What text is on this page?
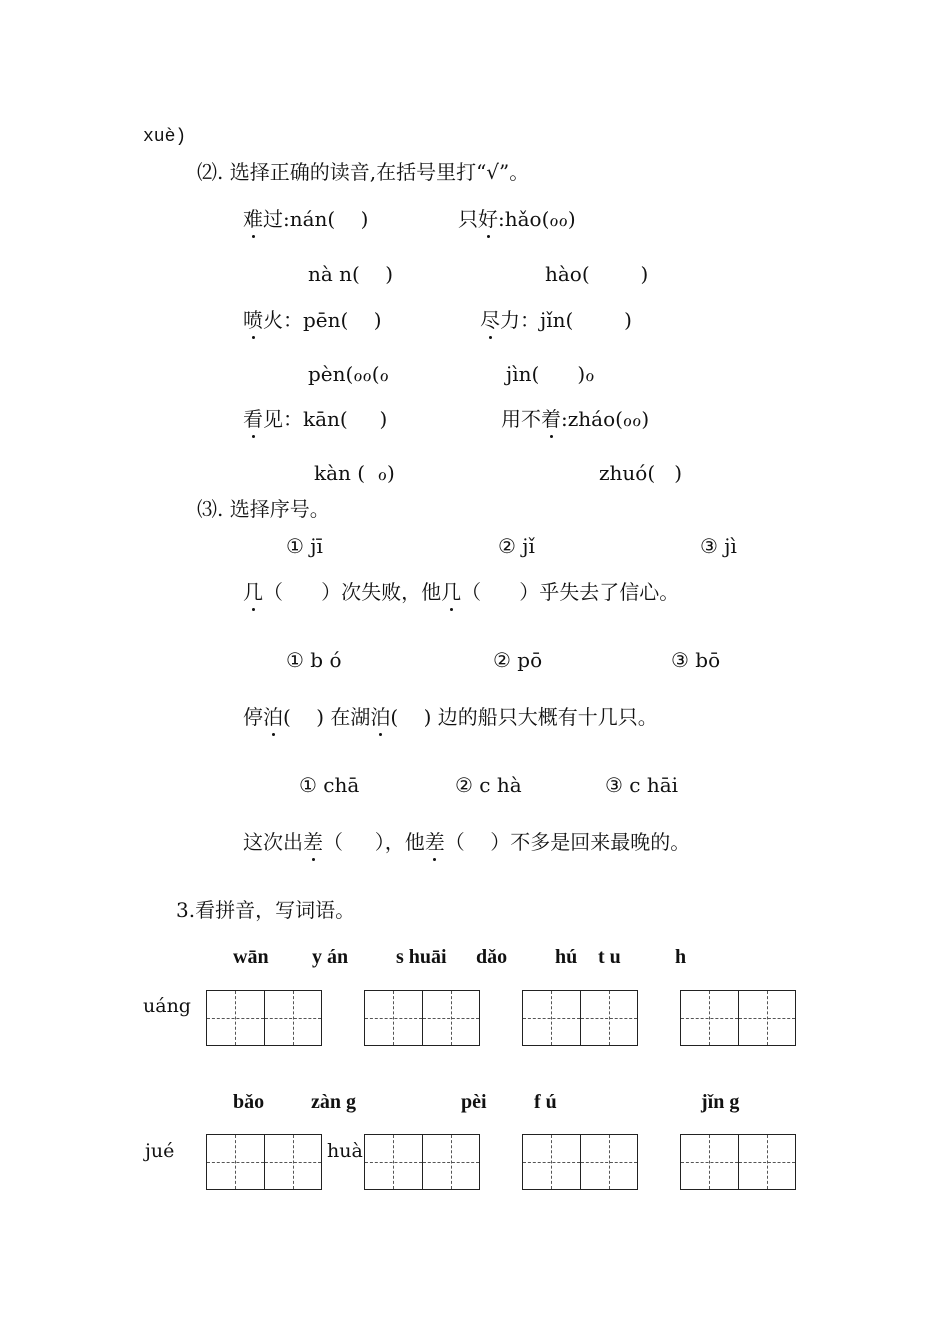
xuè)
⑵. 选择正确的读音,在括号里打“√”。
难过:nán(    )	只好:hǎo(ℴℴ)
nà n(    )	hào(        )
喷火：pēn(    )	尽力：jǐn(        )
pèn(ℴℴ(ℴ	jìn(      )ℴ
看见：kān(     )	用不着:zháo(ℴℴ)
kàn (  ℴ)	zhuó(   )
⑶. 选择序号。
① jī	② jǐ	③ jì
几（      ）次失败，他几（      ）乎失去了信心。
① b ó	② pō	③ bō
停泊(    ) 在湖泊(    ) 边的船只大概有十几只。
① chā	② c hà	③ c hāi
这次出差（     ），他差（    ）不多是回来最晚的。
3.看拼音，写词语。
wān y án s huāi dǎo hú t u	h
uáng
bǎo zàn g	pèi f ú	jǐn g
jué	huà
